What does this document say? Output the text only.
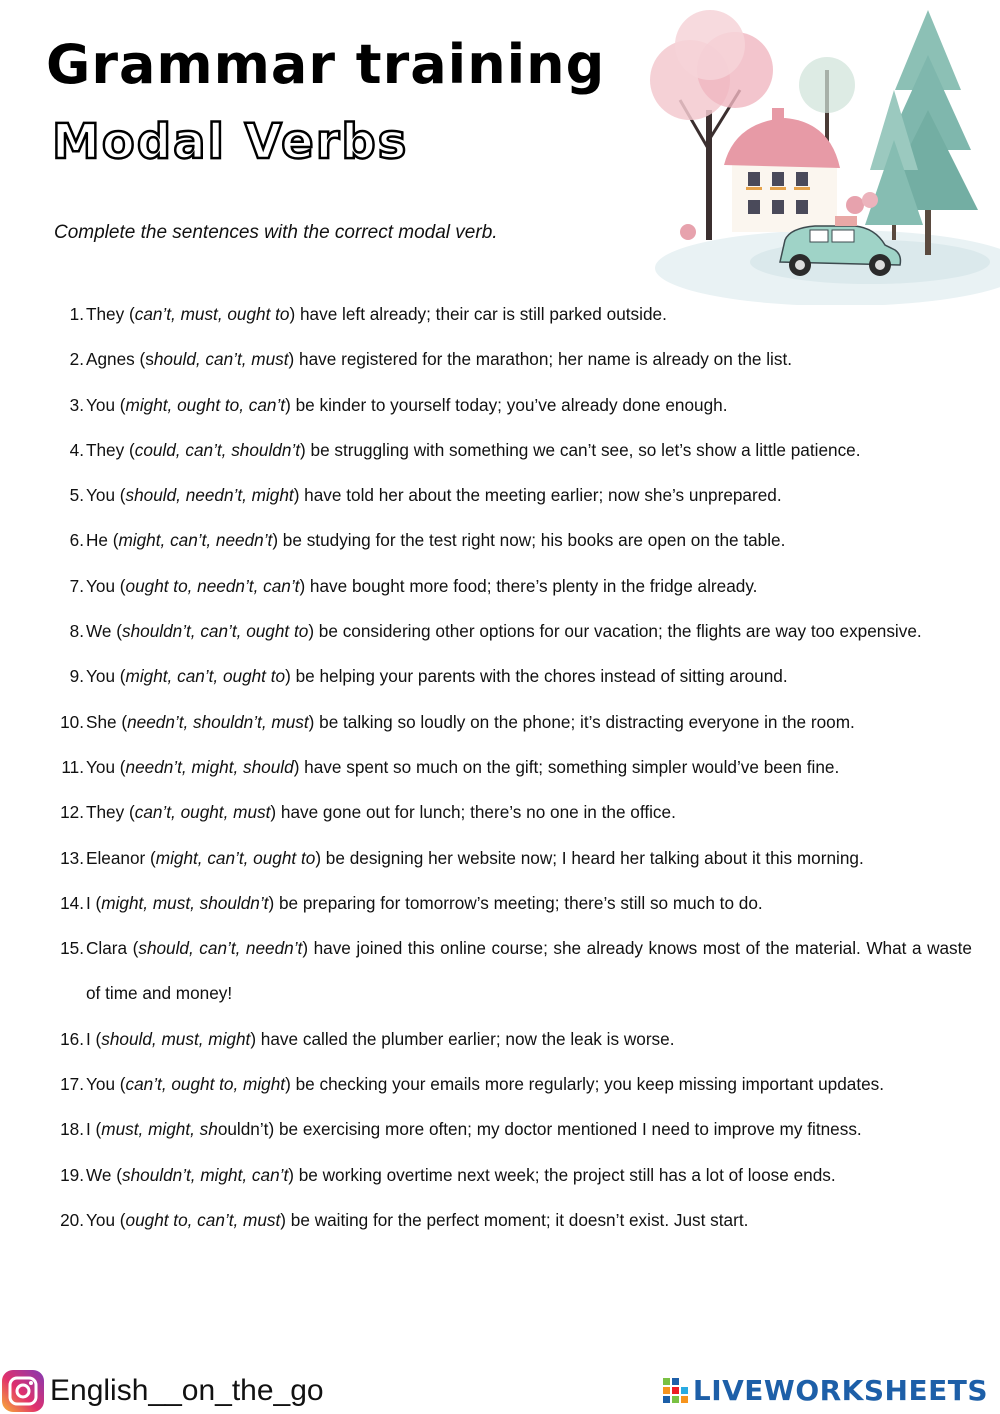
Grammar training
Modal Verbs
Complete the sentences with the correct modal verb.
1. They (can’t, must, ought to) have left already; their car is still parked outside.
2. Agnes (should, can’t, must) have registered for the marathon; her name is already on the list.
3. You (might, ought to, can’t) be kinder to yourself today; you’ve already done enough.
4. They (could, can’t, shouldn’t) be struggling with something we can’t see, so let’s show a little patience.
5. You (should, needn’t, might) have told her about the meeting earlier; now she’s unprepared.
6. He (might, can’t, needn’t) be studying for the test right now; his books are open on the table.
7. You (ought to, needn’t, can’t) have bought more food; there’s plenty in the fridge already.
8. We (shouldn’t, can’t, ought to) be considering other options for our vacation; the flights are way too expensive.
9. You (might, can’t, ought to) be helping your parents with the chores instead of sitting around.
10. She (needn’t, shouldn’t, must) be talking so loudly on the phone; it’s distracting everyone in the room.
11. You (needn’t, might, should) have spent so much on the gift; something simpler would’ve been fine.
12. They (can’t, ought, must) have gone out for lunch; there’s no one in the office.
13. Eleanor (might, can’t, ought to) be designing her website now; I heard her talking about it this morning.
14. I (might, must, shouldn’t) be preparing for tomorrow’s meeting; there’s still so much to do.
15. Clara (should, can’t, needn’t) have joined this online course; she already knows most of the material. What a waste of time and money!
16. I (should, must, might) have called the plumber earlier; now the leak is worse.
17. You (can’t, ought to, might) be checking your emails more regularly; you keep missing important updates.
18. I (must, might, shouldn’t) be exercising more often; my doctor mentioned I need to improve my fitness.
19. We (shouldn’t, might, can’t) be working overtime next week; the project still has a lot of loose ends.
20. You (ought to, can’t, must) be waiting for the perfect moment; it doesn’t exist. Just start.
English__on_the_go	LIVEWORKSHEETS
